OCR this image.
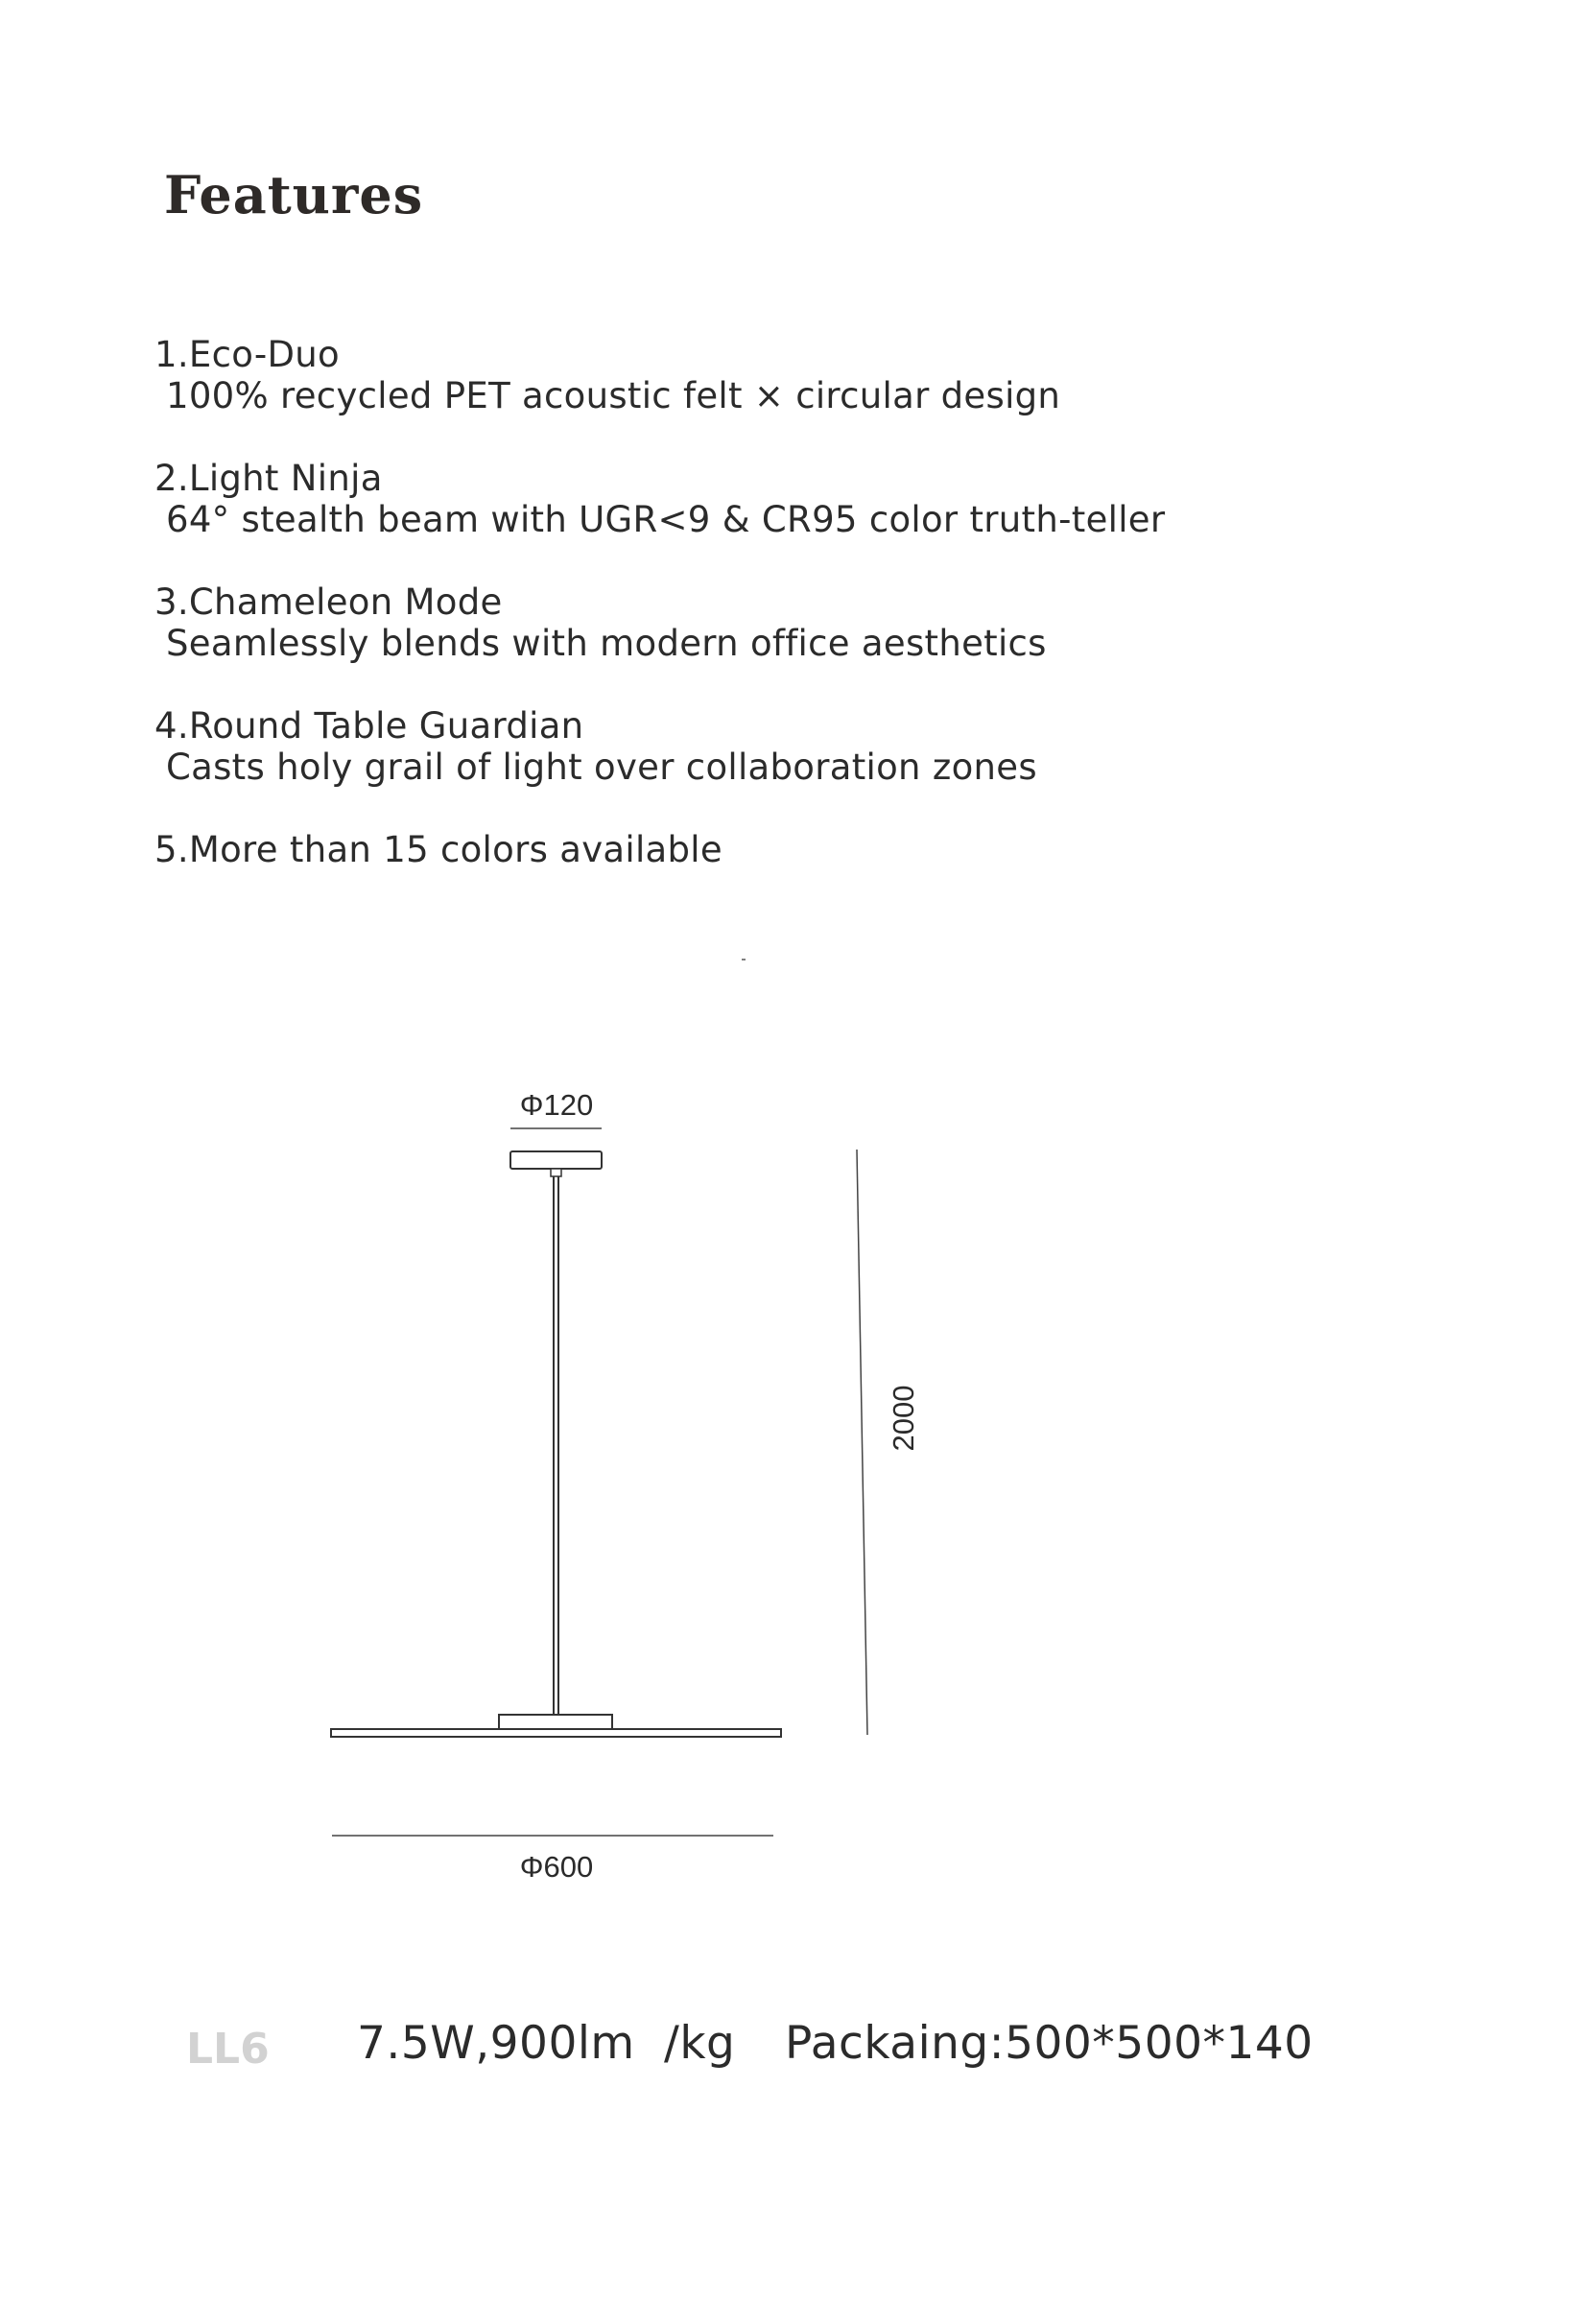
Features
1.Eco-Duo
100% recycled PET acoustic felt × circular design
2.Light Ninja
64° stealth beam with UGR<9 & CR95 color truth-teller
3.Chameleon Mode
Seamlessly blends with modern office aesthetics
4.Round Table Guardian
Casts holy grail of light over collaboration zones
5.More than 15 colors available
Φ120
2000
Φ600
LL6 7.5W,900lm /kg Packaing:500*500*140
